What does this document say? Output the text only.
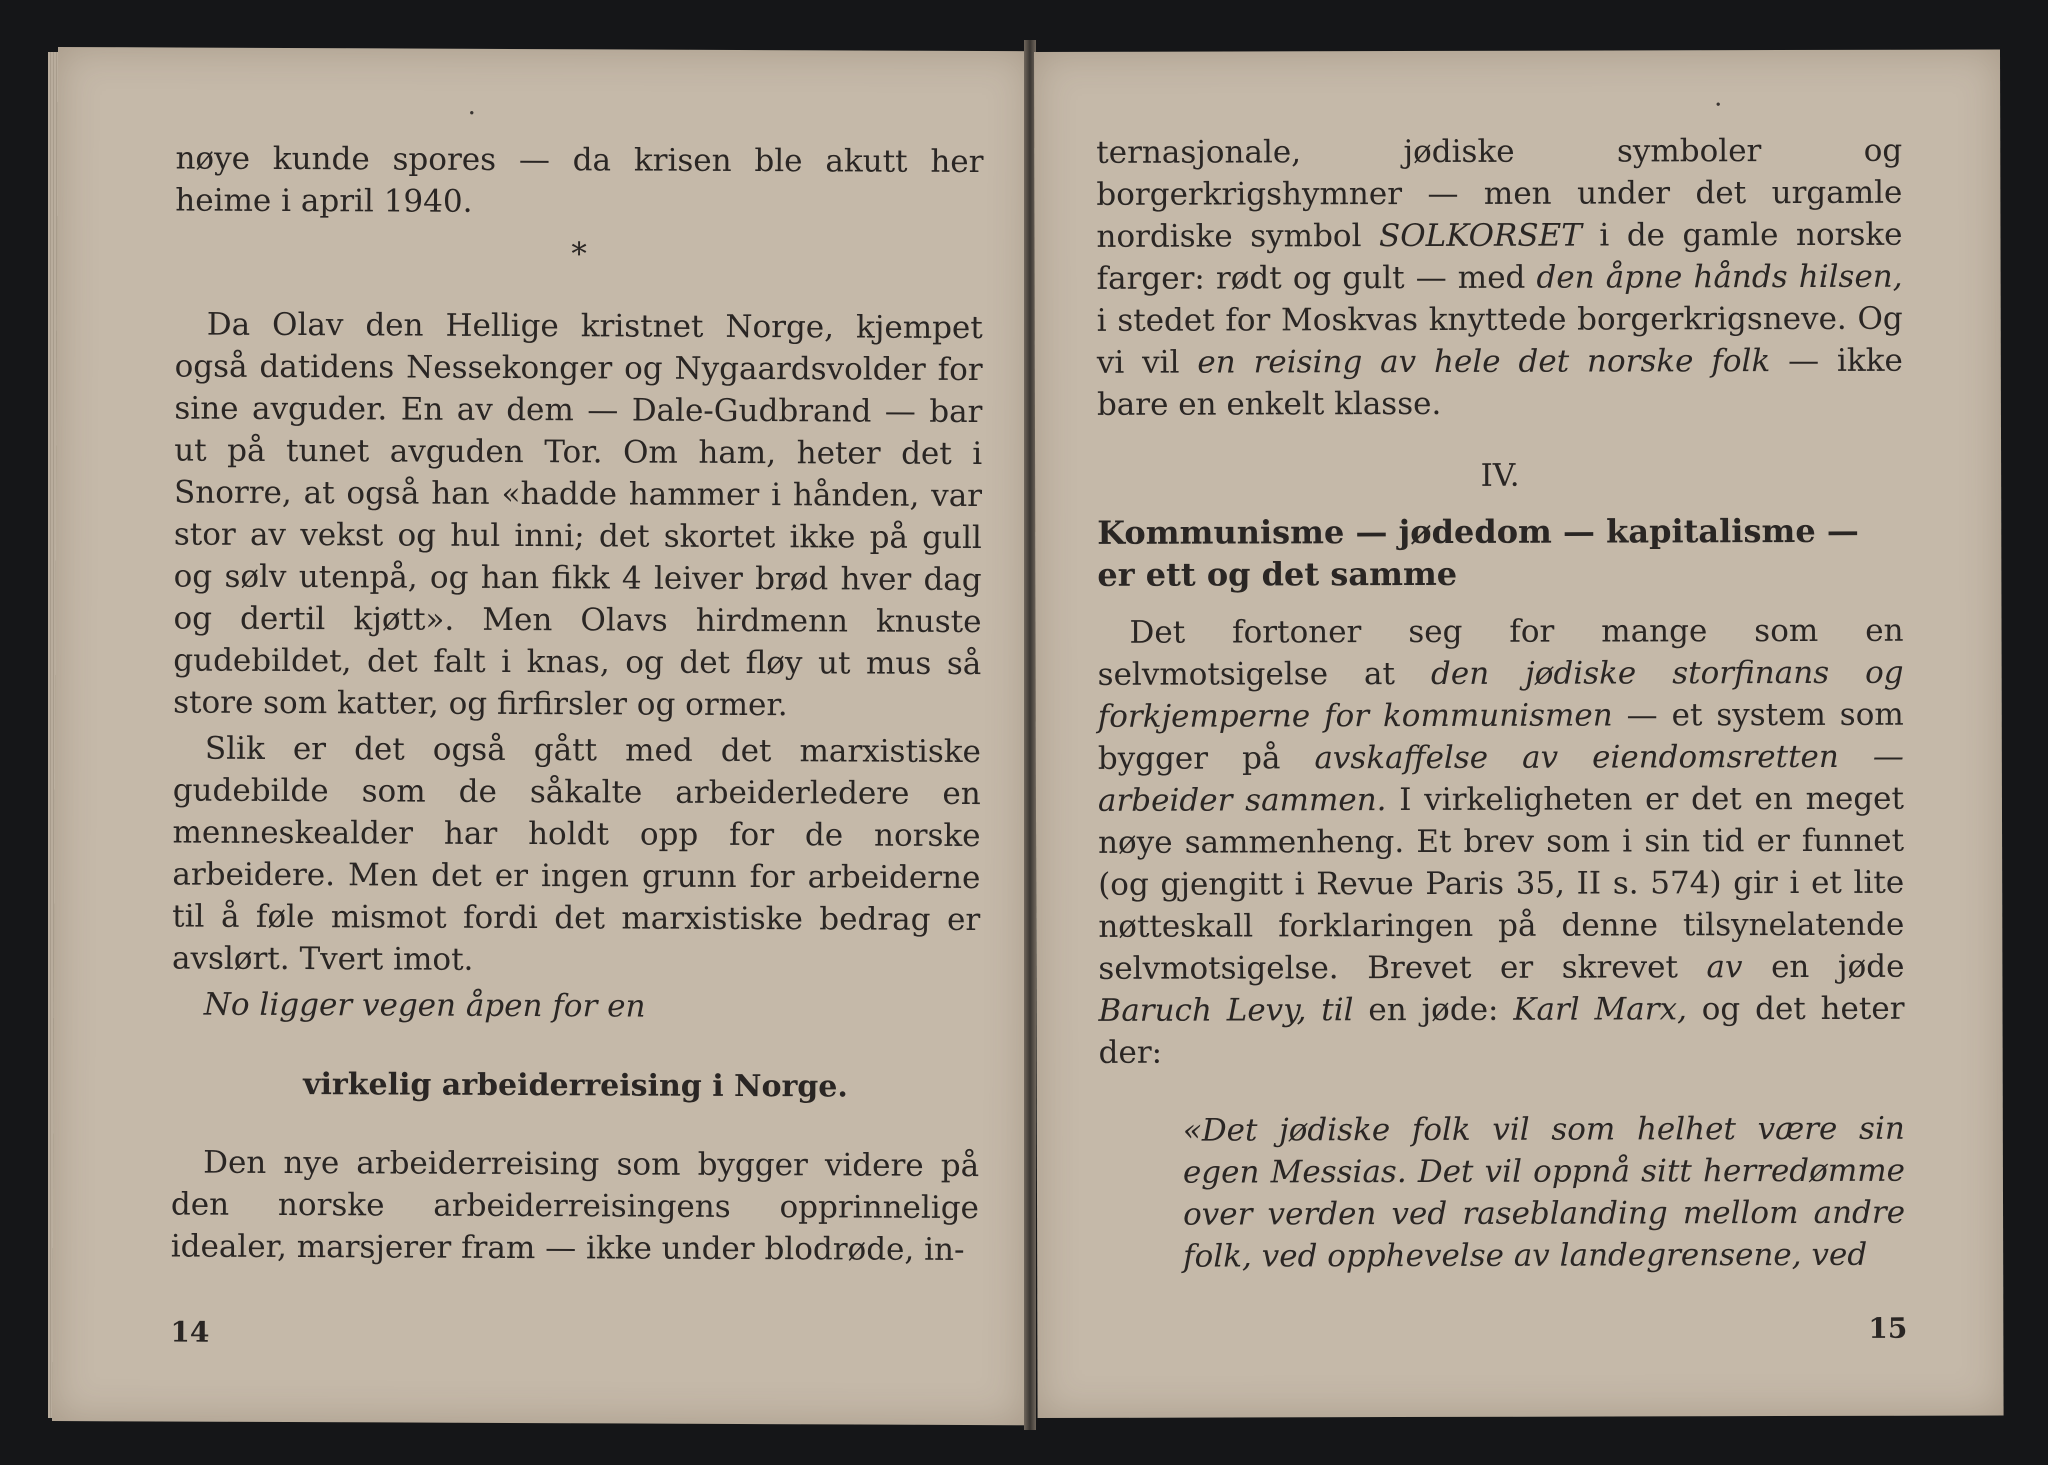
·

nøye kunde spores — da krisen ble akutt her heime i april 1940.

*

Da Olav den Hellige kristnet Norge, kjempet også datidens Nessekonger og Nygaardsvolder for sine avguder. En av dem — Dale-Gudbrand — bar ut på tunet avguden Tor. Om ham, heter det i Snorre, at også han «hadde hammer i hånden, var stor av vekst og hul inni; det skortet ikke på gull og sølv utenpå, og han fikk 4 leiver brød hver dag og dertil kjøtt». Men Olavs hirdmenn knuste gudebildet, det falt i knas, og det fløy ut mus så store som katter, og firfirsler og ormer.

Slik er det også gått med det marxistiske gudebilde som de såkalte arbeiderledere en menneskealder har holdt opp for de norske arbeidere. Men det er ingen grunn for arbeiderne til å føle mismot fordi det marxistiske bedrag er avslørt. Tvert imot.

No ligger vegen åpen for en

virkelig arbeiderreising i Norge.

Den nye arbeiderreising som bygger videre på den norske arbeiderreisingens opprinnelige idealer, marsjerer fram — ikke under blodrøde, in-

14
·

ternasjonale, jødiske symboler og borgerkrigshymner — men under det urgamle nordiske symbol SOLKORSET i de gamle norske farger: rødt og gult — med den åpne hånds hilsen, i stedet for Moskvas knyttede borgerkrigsneve. Og vi vil en reising av hele det norske folk — ikke bare en enkelt klasse.

IV.

Kommunisme — jødedom — kapitalisme —

er ett og det samme

Det fortoner seg for mange som en selvmotsigelse at den jødiske storfinans og forkjemperne for kommunismen — et system som bygger på avskaffelse av eiendomsretten — arbeider sammen. I virkeligheten er det en meget nøye sammenheng. Et brev som i sin tid er funnet (og gjengitt i Revue Paris 35, II s. 574) gir i et lite nøtteskall forklaringen på denne tilsynelatende selvmotsigelse. Brevet er skrevet av en jøde Baruch Levy, til en jøde: Karl Marx, og det heter der:

«Det jødiske folk vil som helhet være sin egen Messias. Det vil oppnå sitt herredømme over verden ved raseblanding mellom andre folk, ved opphevelse av landegrensene, ved

15
